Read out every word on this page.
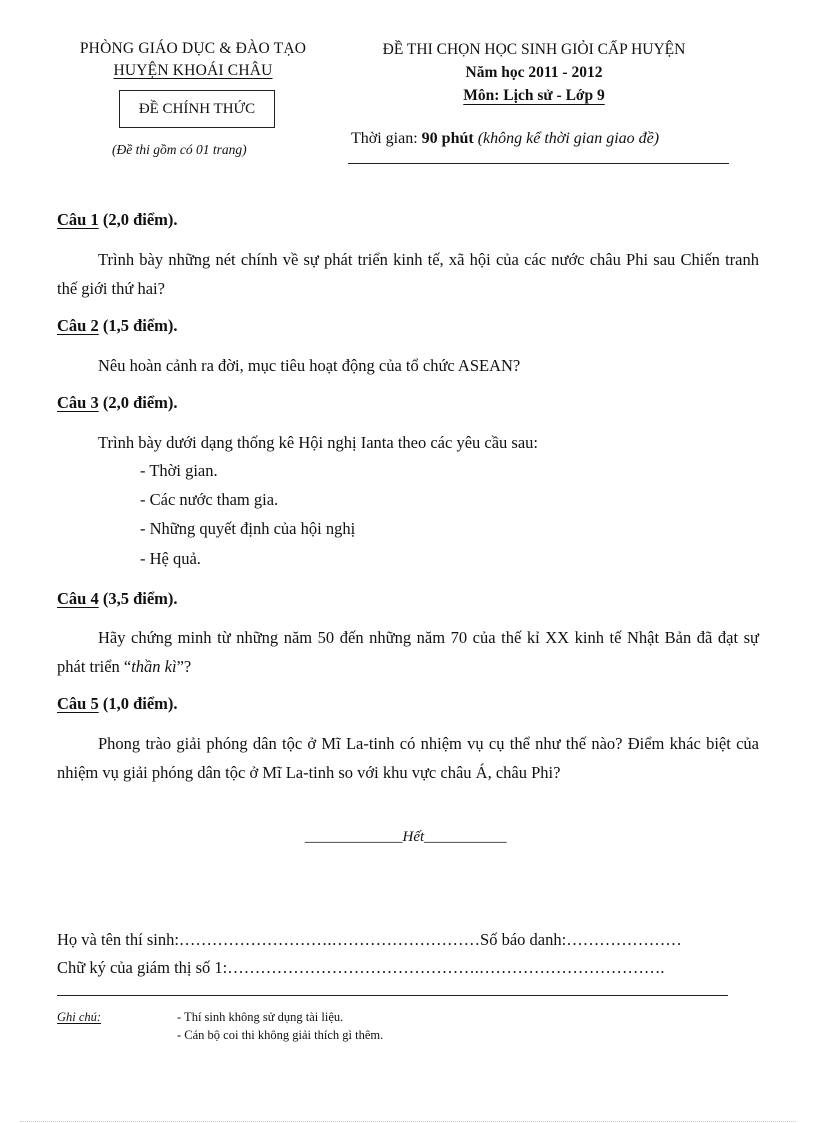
PHÒNG GIÁO DỤC & ĐÀO TẠO
HUYỆN KHOÁI CHÂU
ĐỀ CHÍNH THỨC
(Đề thi gồm có 01 trang)
ĐỀ THI CHỌN HỌC SINH GIỎI CẤP HUYỆN
Năm học 2011 - 2012
Môn: Lịch sử - Lớp 9
Thời gian: 90 phút (không kể thời gian giao đề)
Câu 1 (2,0 điểm).
Trình bày những nét chính về sự phát triển kinh tế, xã hội của các nước châu Phi sau Chiến tranh thế giới thứ hai?
Câu 2 (1,5 điểm).
Nêu hoàn cảnh ra đời, mục tiêu hoạt động của tổ chức ASEAN?
Câu 3 (2,0 điểm).
Trình bày dưới dạng thống kê Hội nghị Ianta theo các yêu cầu sau:
- Thời gian.
- Các nước tham gia.
- Những quyết định của hội nghị
- Hệ quả.
Câu 4 (3,5 điểm).
Hãy chứng minh từ những năm 50 đến những năm 70 của thế kỉ XX kinh tế Nhật Bản đã đạt sự phát triển “thần kì”?
Câu 5 (1,0 điểm).
Phong trào giải phóng dân tộc ở Mĩ La-tinh có nhiệm vụ cụ thể như thế nào? Điểm khác biệt của nhiệm vụ giải phóng dân tộc ở Mĩ La-tinh so với khu vực châu Á, châu Phi?
_____________Hết___________
Họ và tên thí sinh:……………………….………………………Số báo danh:…………………
Chữ ký của giám thị số 1:……………………………………….…………………………….
Ghi chú:	- Thí sinh không sử dụng tài liệu.
- Cán bộ coi thi không giải thích gì thêm.
